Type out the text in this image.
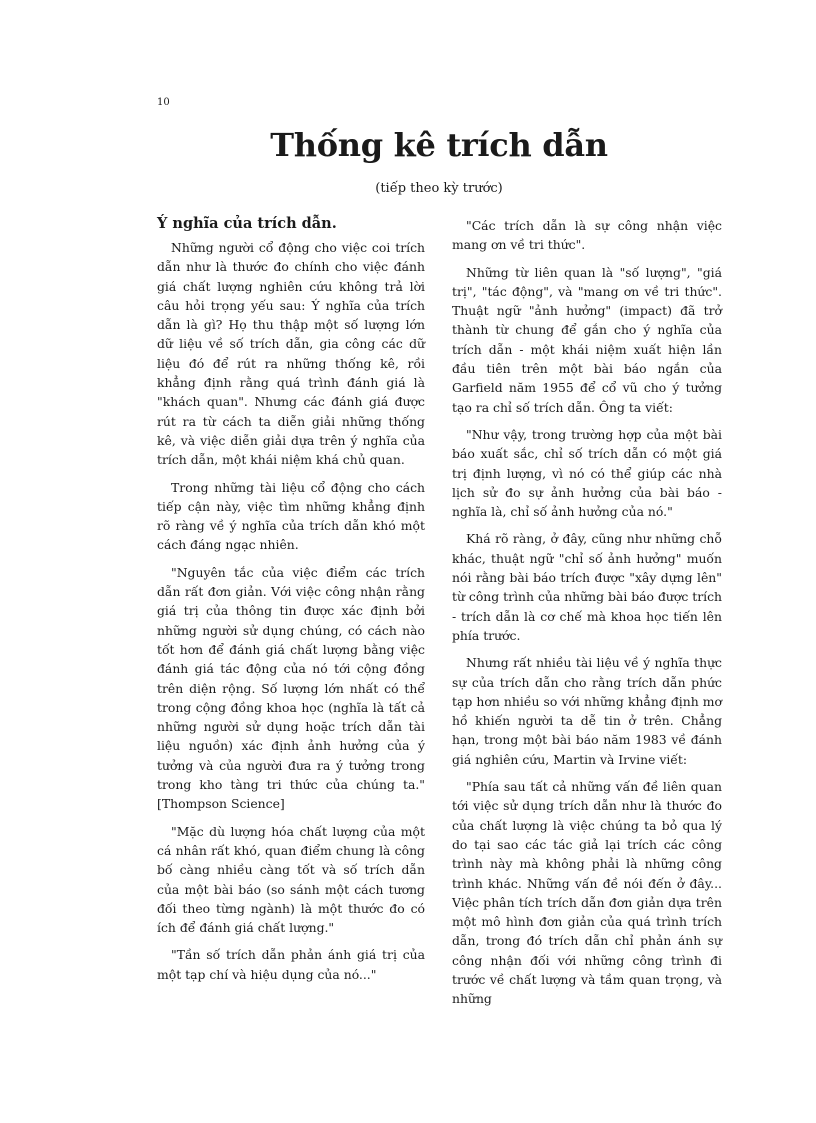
10
Thống kê trích dẫn

(tiếp theo kỳ trước)

Ý nghĩa của trích dẫn.

Những người cổ động cho việc coi trích dẫn như là thước đo chính cho việc đánh giá chất lượng nghiên cứu không trả lời câu hỏi trọng yếu sau: Ý nghĩa của trích dẫn là gì? Họ thu thập một số lượng lớn dữ liệu về số trích dẫn, gia công các dữ liệu đó để rút ra những thống kê, rồi khẳng định rằng quá trình đánh giá là "khách quan". Nhưng các đánh giá được rút ra từ cách ta diễn giải những thống kê, và việc diễn giải dựa trên ý nghĩa của trích dẫn, một khái niệm khá chủ quan.

Trong những tài liệu cổ động cho cách tiếp cận này, việc tìm những khẳng định rõ ràng về ý nghĩa của trích dẫn khó một cách đáng ngạc nhiên.

"Nguyên tắc của việc điểm các trích dẫn rất đơn giản. Với việc công nhận rằng giá trị của thông tin được xác định bởi những người sử dụng chúng, có cách nào tốt hơn để đánh giá chất lượng bằng việc đánh giá tác động của nó tới cộng đồng trên diện rộng. Số lượng lớn nhất có thể trong cộng đồng khoa học (nghĩa là tất cả những người sử dụng hoặc trích dẫn tài liệu nguồn) xác định ảnh hưởng của ý tưởng và của người đưa ra ý tưởng trong trong kho tàng tri thức của chúng ta." [Thompson Science]

"Mặc dù lượng hóa chất lượng của một cá nhân rất khó, quan điểm chung là công bố càng nhiều càng tốt và số trích dẫn của một bài báo (so sánh một cách tương đối theo từng ngành) là một thước đo có ích để đánh giá chất lượng."

"Tần số trích dẫn phản ánh giá trị của một tạp chí và hiệu dụng của nó..."

"Các trích dẫn là sự công nhận việc mang ơn về tri thức".

Những từ liên quan là "số lượng", "giá trị", "tác động", và "mang ơn về tri thức". Thuật ngữ "ảnh hưởng" (impact) đã trở thành từ chung để gắn cho ý nghĩa của trích dẫn - một khái niệm xuất hiện lần đầu tiên trên một bài báo ngắn của Garfield năm 1955 để cổ vũ cho ý tưởng tạo ra chỉ số trích dẫn. Ông ta viết:

"Như vậy, trong trường hợp của một bài báo xuất sắc, chỉ số trích dẫn có một giá trị định lượng, vì nó có thể giúp các nhà lịch sử đo sự ảnh hưởng của bài báo - nghĩa là, chỉ số ảnh hưởng của nó."

Khá rõ ràng, ở đây, cũng như những chỗ khác, thuật ngữ "chỉ số ảnh hưởng" muốn nói rằng bài báo trích được "xây dựng lên" từ công trình của những bài báo được trích - trích dẫn là cơ chế mà khoa học tiến lên phía trước.

Nhưng rất nhiều tài liệu về ý nghĩa thực sự của trích dẫn cho rằng trích dẫn phức tạp hơn nhiều so với những khẳng định mơ hồ khiến người ta dễ tin ở trên. Chẳng hạn, trong một bài báo năm 1983 về đánh giá nghiên cứu, Martin và Irvine viết:

"Phía sau tất cả những vấn đề liên quan tới việc sử dụng trích dẫn như là thước đo của chất lượng là việc chúng ta bỏ qua lý do tại sao các tác giả lại trích các công trình này mà không phải là những công trình khác. Những vấn đề nói đến ở đây... Việc phân tích trích dẫn đơn giản dựa trên một mô hình đơn giản của quá trình trích dẫn, trong đó trích dẫn chỉ phản ánh sự công nhận đối với những công trình đi trước về chất lượng và tầm quan trọng, và những
